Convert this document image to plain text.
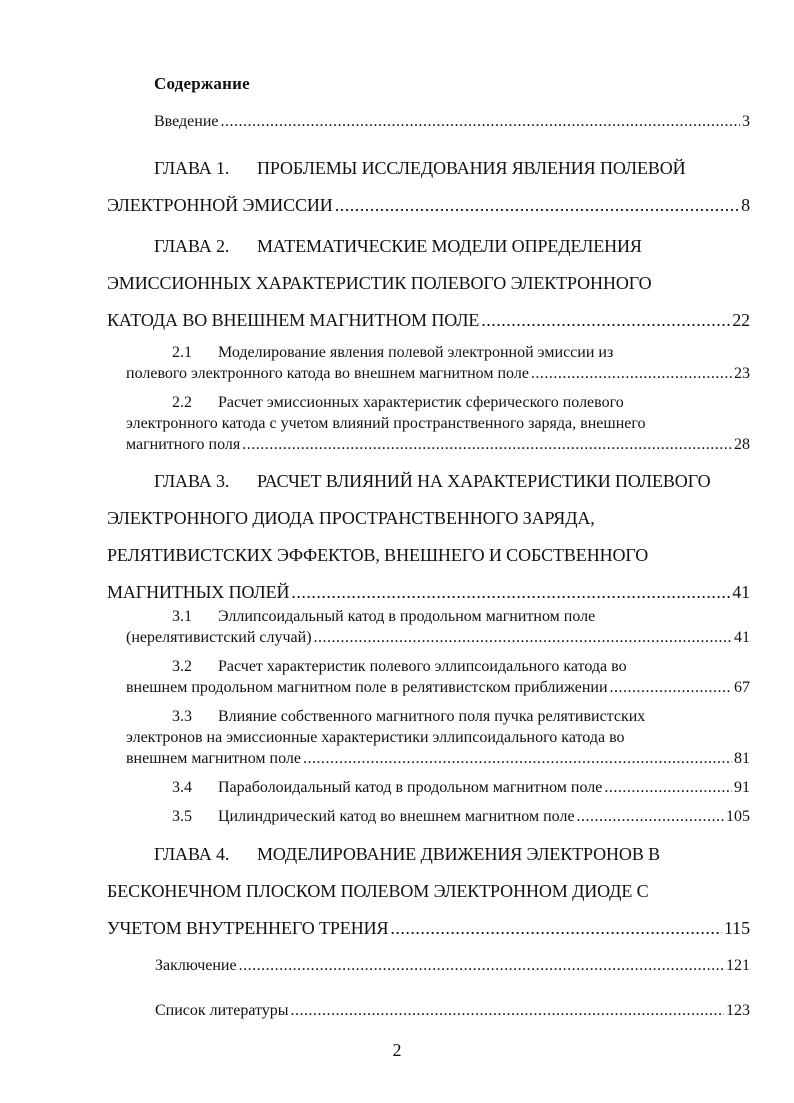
Содержание
Введение .....	3
ГЛАВА 1. ПРОБЛЕМЫ ИССЛЕДОВАНИЯ ЯВЛЕНИЯ ПОЛЕВОЙ
ЭЛЕКТРОННОЙ ЭМИССИИ .....	8
ГЛАВА 2. МАТЕМАТИЧЕСКИЕ МОДЕЛИ ОПРЕДЕЛЕНИЯ
ЭМИССИОННЫХ ХАРАКТЕРИСТИК ПОЛЕВОГО ЭЛЕКТРОННОГО
КАТОДА ВО ВНЕШНЕМ МАГНИТНОМ ПОЛЕ .....	22
2.1 Моделирование явления полевой электронной эмиссии из
полевого электронного катода во внешнем магнитном поле .....	23
2.2 Расчет эмиссионных характеристик сферического полевого
электронного катода с учетом влияний пространственного заряда, внешнего
магнитного поля .....	28
ГЛАВА 3. РАСЧЕТ ВЛИЯНИЙ НА ХАРАКТЕРИСТИКИ ПОЛЕВОГО
ЭЛЕКТРОННОГО ДИОДА ПРОСТРАНСТВЕННОГО ЗАРЯДА,
РЕЛЯТИВИСТСКИХ ЭФФЕКТОВ, ВНЕШНЕГО И СОБСТВЕННОГО
МАГНИТНЫХ ПОЛЕЙ .....	41
3.1 Эллипсоидальный катод в продольном магнитном поле
(нерелятивистский случай) .....	41
3.2 Расчет характеристик полевого эллипсоидального катода во
внешнем продольном магнитном поле в релятивистском приближении .....	67
3.3 Влияние собственного магнитного поля пучка релятивистских
электронов на эмиссионные характеристики эллипсоидального катода во
внешнем магнитном поле .....	81
3.4 Параболоидальный катод в продольном магнитном поле .....	91
3.5 Цилиндрический катод во внешнем магнитном поле .....	105
ГЛАВА 4. МОДЕЛИРОВАНИЕ ДВИЖЕНИЯ ЭЛЕКТРОНОВ В
БЕСКОНЕЧНОМ ПЛОСКОМ ПОЛЕВОМ ЭЛЕКТРОННОМ ДИОДЕ С
УЧЕТОМ ВНУТРЕННЕГО ТРЕНИЯ .....	115
Заключение .....	121
Список литературы .....	123
2
